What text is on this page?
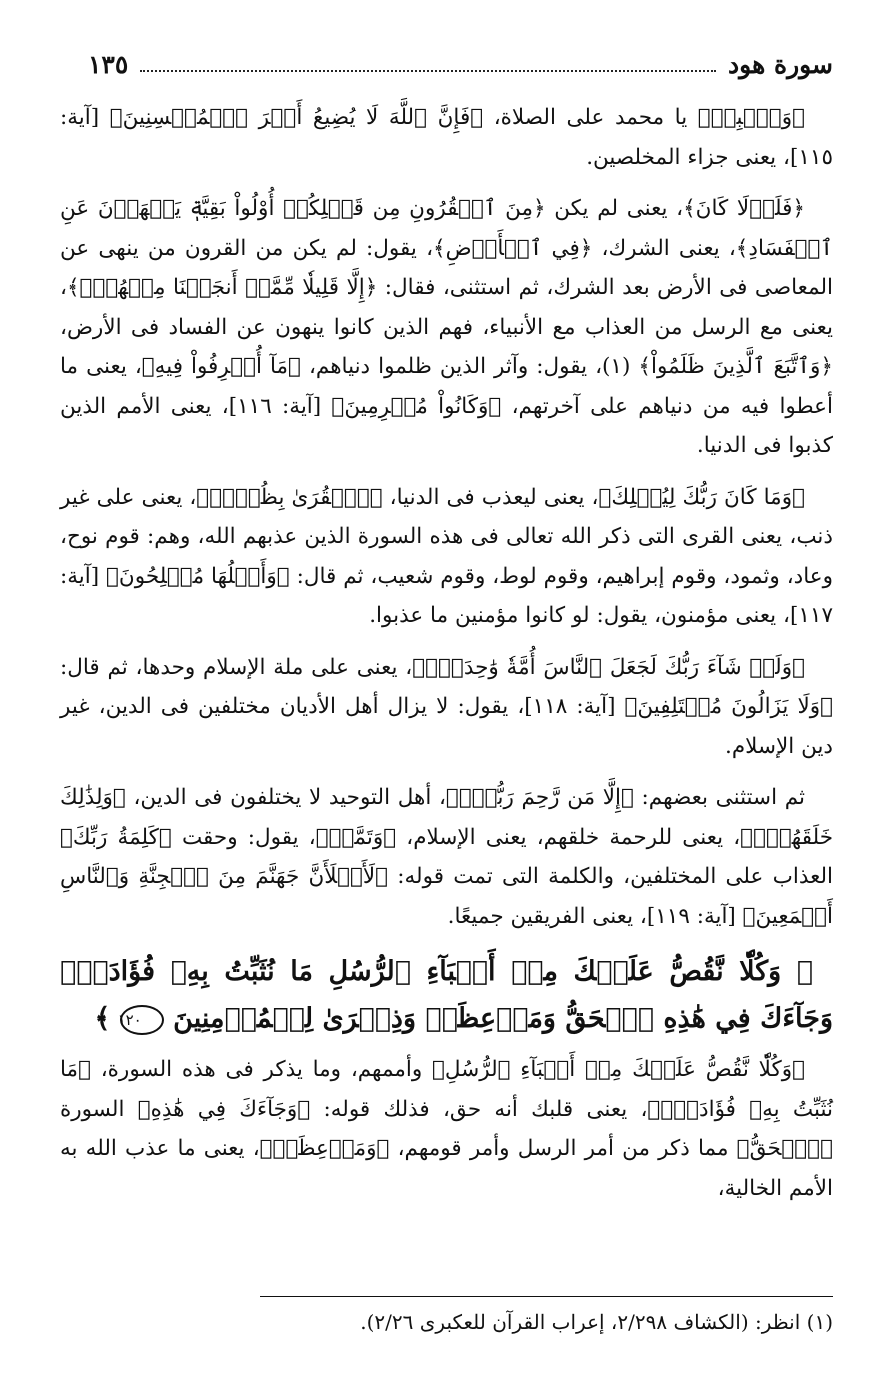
سورة هود
١٣٥

﴿وَٱصۡبِرۡ﴾ يا محمد على الصلاة، ﴿فَإِنَّ ٱللَّهَ لَا يُضِيعُ أَجۡرَ ٱلۡمُحۡسِنِينَ﴾ [آية: ١١٥]، يعنى جزاء المخلصين.

﴿فَلَوۡلَا كَانَ﴾، يعنى لم يكن ﴿مِنَ ٱلۡقُرُونِ مِن قَبۡلِكُمۡ أُوْلُواْ بَقِيَّةٖ يَنۡهَوۡنَ عَنِ ٱلۡفَسَادِ﴾، يعنى الشرك، ﴿فِي ٱلۡأَرۡضِ﴾، يقول: لم يكن من القرون من ينهى عن المعاصى فى الأرض بعد الشرك، ثم استثنى، فقال: ﴿إِلَّا قَلِيلٗا مِّمَّنۡ أَنجَيۡنَا مِنۡهُمۡۗ﴾، يعنى مع الرسل من العذاب مع الأنبياء، فهم الذين كانوا ينهون عن الفساد فى الأرض، ﴿وَٱتَّبَعَ ٱلَّذِينَ ظَلَمُواْ﴾ (١)، يقول: وآثر الذين ظلموا دنياهم، ﴿مَآ أُتۡرِفُواْ فِيهِ﴾، يعنى ما أعطوا فيه من دنياهم على آخرتهم، ﴿وَكَانُواْ مُجۡرِمِينَ﴾ [آية: ١١٦]، يعنى الأمم الذين كذبوا فى الدنيا.

﴿وَمَا كَانَ رَبُّكَ لِيُهۡلِكَ﴾، يعنى ليعذب فى الدنيا، ﴿ٱلۡقُرَىٰ بِظُلۡمٖ﴾، يعنى على غير ذنب، يعنى القرى التى ذكر الله تعالى فى هذه السورة الذين عذبهم الله، وهم: قوم نوح، وعاد، وثمود، وقوم إبراهيم، وقوم لوط، وقوم شعيب، ثم قال: ﴿وَأَهۡلُهَا مُصۡلِحُونَ﴾ [آية: ١١٧]، يعنى مؤمنون، يقول: لو كانوا مؤمنين ما عذبوا.

﴿وَلَوۡ شَآءَ رَبُّكَ لَجَعَلَ ٱلنَّاسَ أُمَّةٗ وَٰحِدَةٗۖ﴾، يعنى على ملة الإسلام وحدها، ثم قال: ﴿وَلَا يَزَالُونَ مُخۡتَلِفِينَ﴾ [آية: ١١٨]، يقول: لا يزال أهل الأديان مختلفين فى الدين، غير دين الإسلام.

ثم استثنى بعضهم: ﴿إِلَّا مَن رَّحِمَ رَبُّكَۚ﴾، أهل التوحيد لا يختلفون فى الدين، ﴿وَلِذَٰلِكَ خَلَقَهُمۡۗ﴾، يعنى للرحمة خلقهم، يعنى الإسلام، ﴿وَتَمَّتۡ﴾، يقول: وحقت ﴿كَلِمَةُ رَبِّكَ﴾ العذاب على المختلفين، والكلمة التى تمت قوله: ﴿لَأَمۡلَأَنَّ جَهَنَّمَ مِنَ ٱلۡجِنَّةِ وَٱلنَّاسِ أَجۡمَعِينَ﴾ [آية: ١١٩]، يعنى الفريقين جميعًا.

﴿ وَكُلّٗا نَّقُصُّ عَلَيۡكَ مِنۡ أَنۢبَآءِ ٱلرُّسُلِ مَا نُثَبِّتُ بِهِۦ فُؤَادَكَۚ وَجَآءَكَ فِي هَٰذِهِ ٱلۡحَقُّ وَمَوۡعِظَةٞ وَذِكۡرَىٰ لِلۡمُؤۡمِنِينَ ١٢٠ ﴾

﴿وَكُلّٗا نَّقُصُّ عَلَيۡكَ مِنۡ أَنۢبَآءِ ٱلرُّسُلِ﴾ وأممهم، وما يذكر فى هذه السورة، ﴿مَا نُثَبِّتُ بِهِۦ فُؤَادَكَۚ﴾، يعنى قلبك أنه حق، فذلك قوله: ﴿وَجَآءَكَ فِي هَٰذِهِ﴾ السورة ﴿ٱلۡحَقُّ﴾ مما ذكر من أمر الرسل وأمر قومهم، ﴿وَمَوۡعِظَةٞ﴾، يعنى ما عذب الله به الأمم الخالية،

(١) انظر: (الكشاف ٢/٢٩٨، إعراب القرآن للعكبرى ٢/٢٦).
